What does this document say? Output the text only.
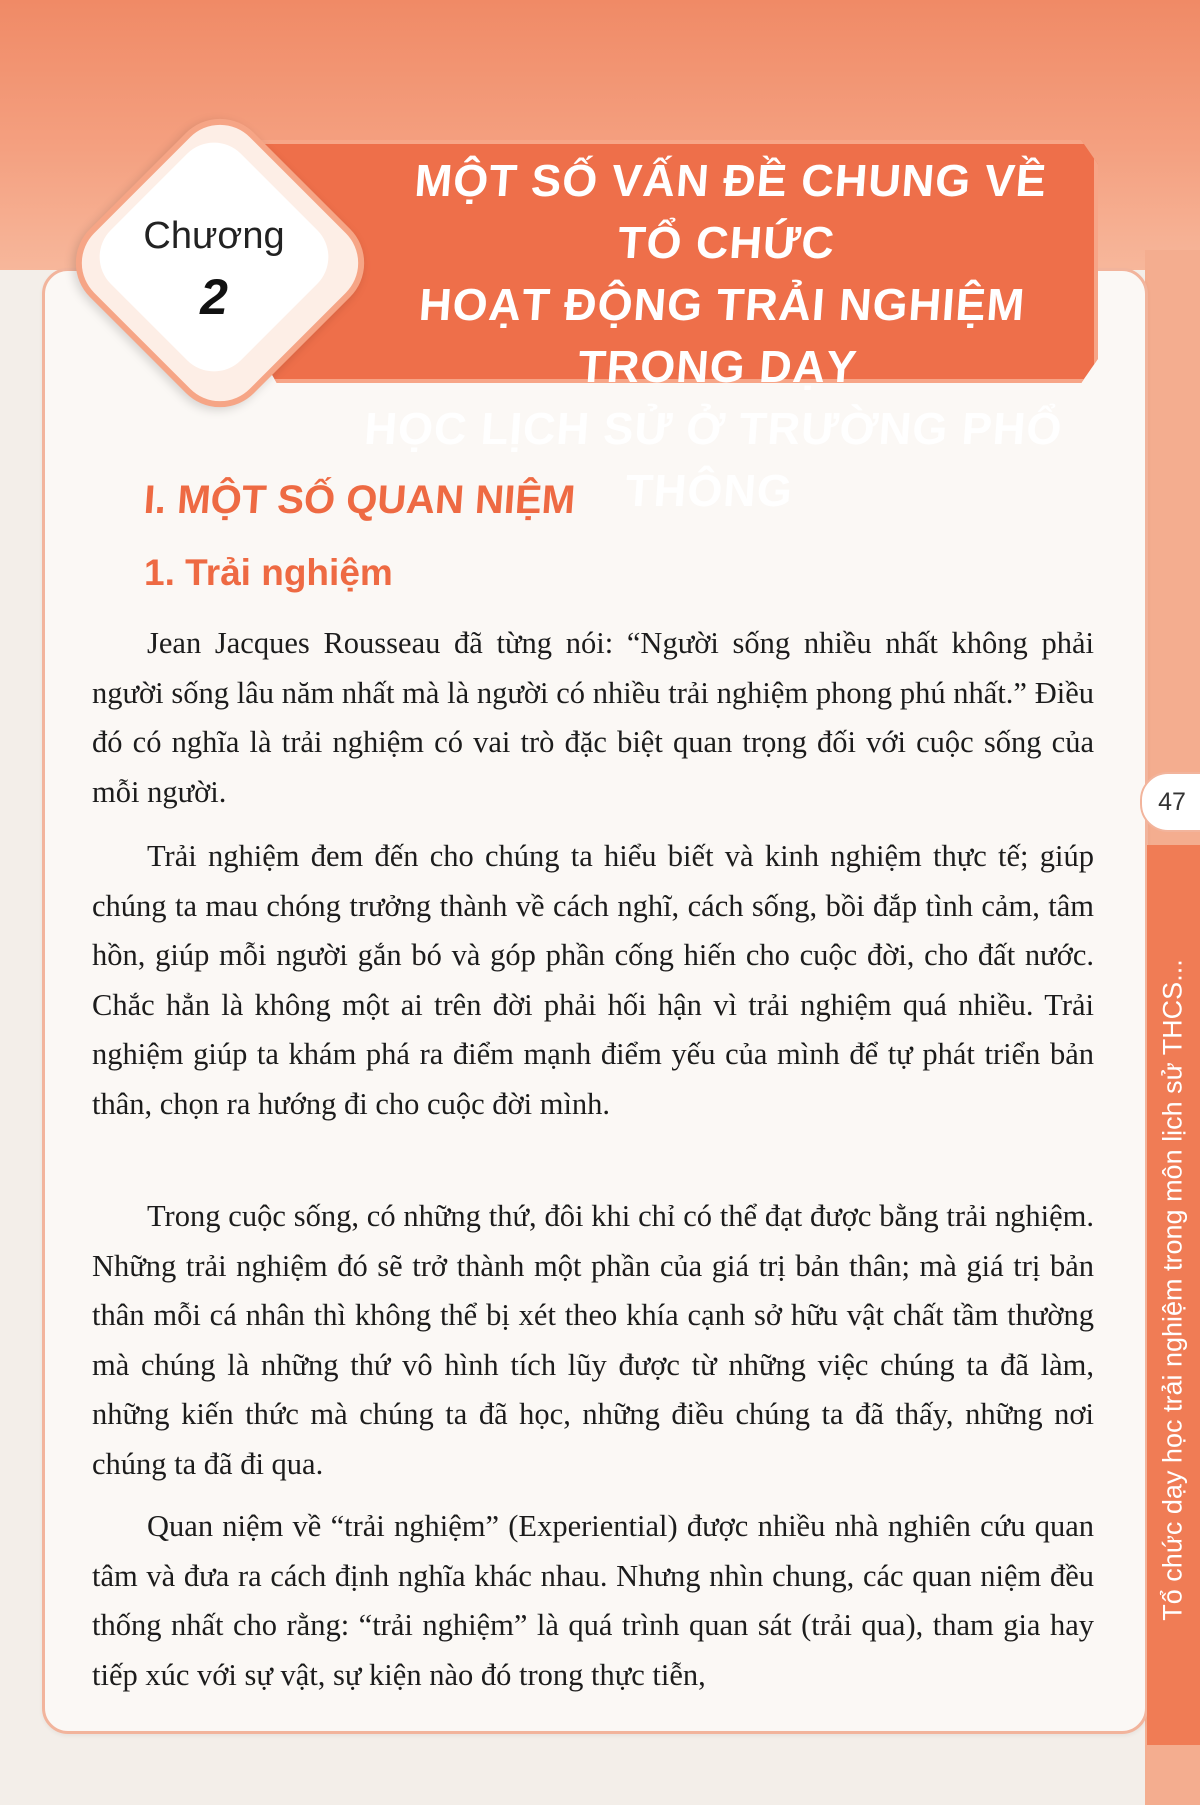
MỘT SỐ VẤN ĐỀ CHUNG VỀ TỔ CHỨC
HOẠT ĐỘNG TRẢI NGHIỆM TRONG DẠY
HỌC LỊCH SỬ Ở TRƯỜNG PHỔ THÔNG
Chương
2
I. MỘT SỐ QUAN NIỆM
1. Trải nghiệm

Jean Jacques Rousseau đã từng nói: “Người sống nhiều nhất không phải người sống lâu năm nhất mà là người có nhiều trải nghiệm phong phú nhất.” Điều đó có nghĩa là trải nghiệm có vai trò đặc biệt quan trọng đối với cuộc sống của mỗi người.

Trải nghiệm đem đến cho chúng ta hiểu biết và kinh nghiệm thực tế; giúp chúng ta mau chóng trưởng thành về cách nghĩ, cách sống, bồi đắp tình cảm, tâm hồn, giúp mỗi người gắn bó và góp phần cống hiến cho cuộc đời, cho đất nước. Chắc hẳn là không một ai trên đời phải hối hận vì trải nghiệm quá nhiều. Trải nghiệm giúp ta khám phá ra điểm mạnh điểm yếu của mình để tự phát triển bản thân, chọn ra hướng đi cho cuộc đời mình.

Trong cuộc sống, có những thứ, đôi khi chỉ có thể đạt được bằng trải nghiệm. Những trải nghiệm đó sẽ trở thành một phần của giá trị bản thân; mà giá trị bản thân mỗi cá nhân thì không thể bị xét theo khía cạnh sở hữu vật chất tầm thường mà chúng là những thứ vô hình tích lũy được từ những việc chúng ta đã làm, những kiến thức mà chúng ta đã học, những điều chúng ta đã thấy, những nơi chúng ta đã đi qua.

Quan niệm về “trải nghiệm” (Experiential) được nhiều nhà nghiên cứu quan tâm và đưa ra cách định nghĩa khác nhau. Nhưng nhìn chung, các quan niệm đều thống nhất cho rằng: “trải nghiệm” là quá trình quan sát (trải qua), tham gia hay tiếp xúc với sự vật, sự kiện nào đó trong thực tiễn,

Tổ chức dạy học trải nghiệm trong môn lịch sử THCS...
47
